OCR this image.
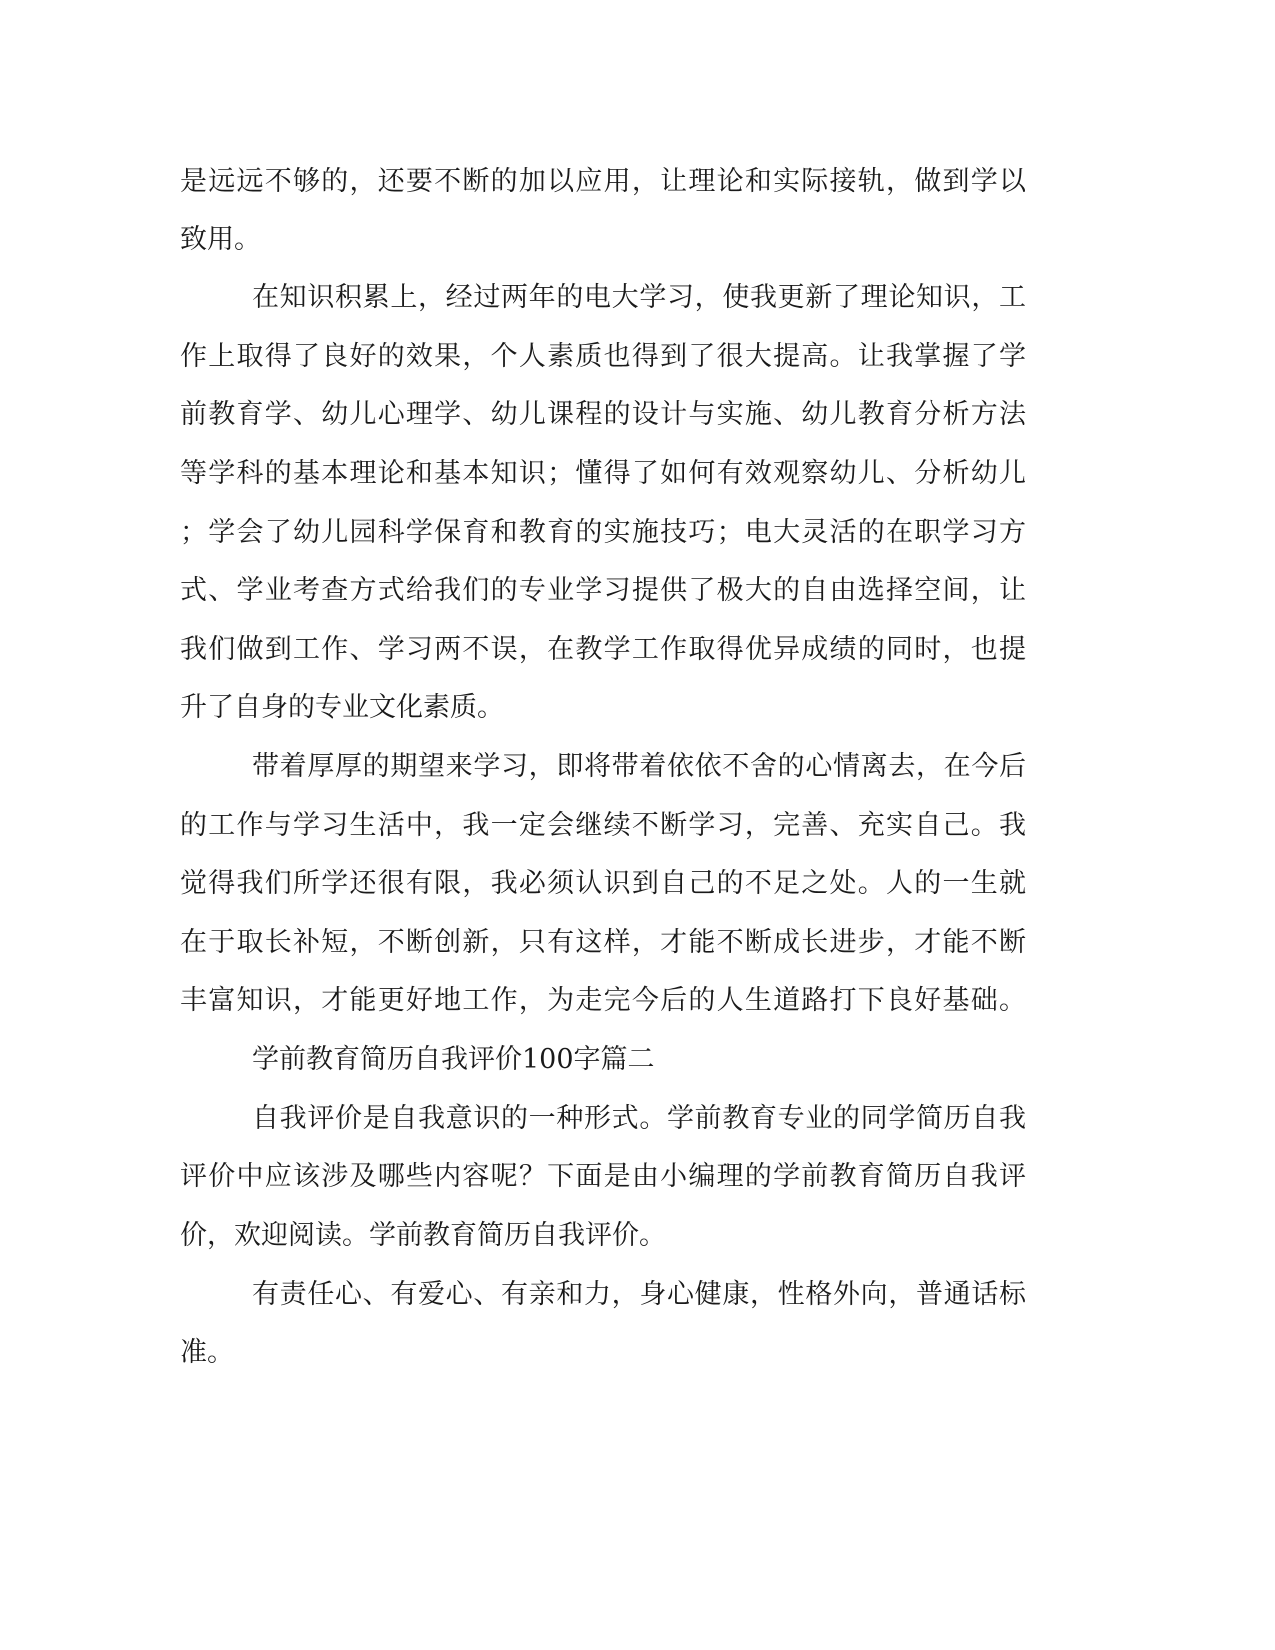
是远远不够的，还要不断的加以应用，让理论和实际接轨，做到学以
致用。
在知识积累上，经过两年的电大学习，使我更新了理论知识，工
作上取得了良好的效果，个人素质也得到了很大提高。让我掌握了学
前教育学、幼儿心理学、幼儿课程的设计与实施、幼儿教育分析方法
等学科的基本理论和基本知识；懂得了如何有效观察幼儿、分析幼儿
；学会了幼儿园科学保育和教育的实施技巧；电大灵活的在职学习方
式、学业考查方式给我们的专业学习提供了极大的自由选择空间，让
我们做到工作、学习两不误，在教学工作取得优异成绩的同时，也提
升了自身的专业文化素质。
带着厚厚的期望来学习，即将带着依依不舍的心情离去，在今后
的工作与学习生活中，我一定会继续不断学习，完善、充实自己。我
觉得我们所学还很有限，我必须认识到自己的不足之处。人的一生就
在于取长补短，不断创新，只有这样，才能不断成长进步，才能不断
丰富知识，才能更好地工作，为走完今后的人生道路打下良好基础。
学前教育简历自我评价100字篇二
自我评价是自我意识的一种形式。学前教育专业的同学简历自我
评价中应该涉及哪些内容呢？下面是由小编理的学前教育简历自我评
价，欢迎阅读。学前教育简历自我评价。
有责任心、有爱心、有亲和力，身心健康，性格外向，普通话标
准。
